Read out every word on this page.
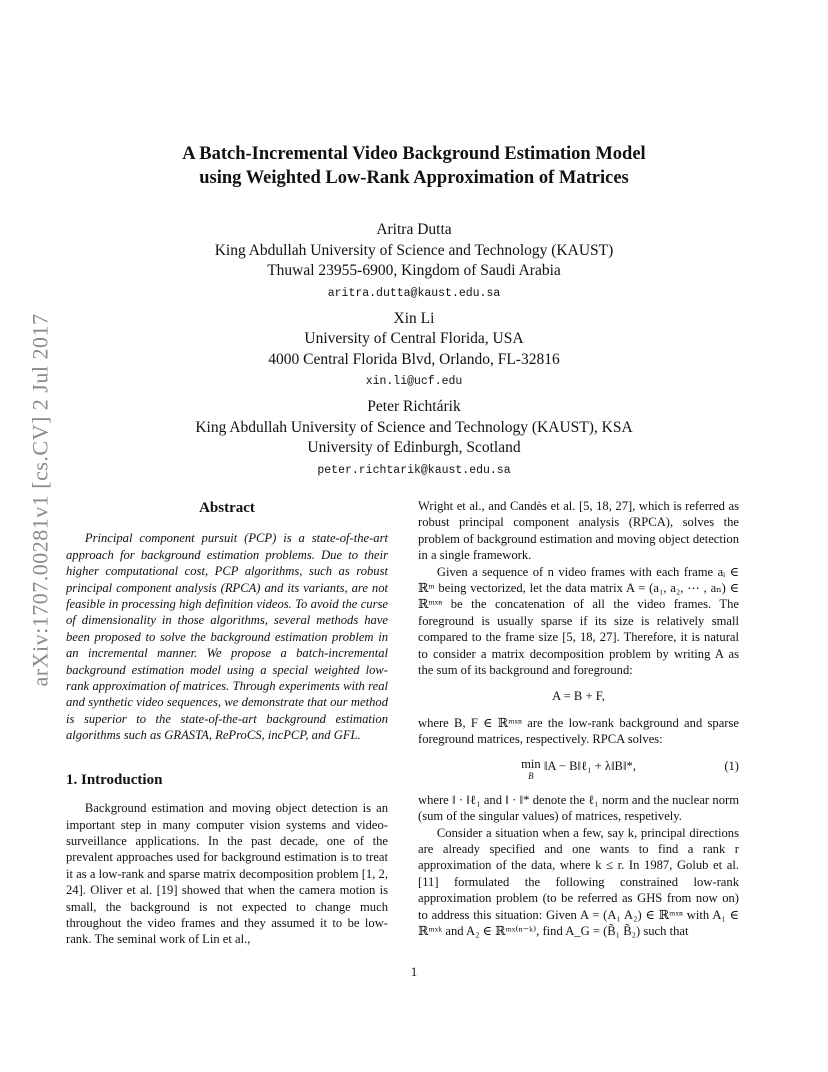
arXiv:1707.00281v1 [cs.CV] 2 Jul 2017
A Batch-Incremental Video Background Estimation Model
using Weighted Low-Rank Approximation of Matrices
Aritra Dutta
King Abdullah University of Science and Technology (KAUST)
Thuwal 23955-6900, Kingdom of Saudi Arabia
aritra.dutta@kaust.edu.sa
Xin Li
University of Central Florida, USA
4000 Central Florida Blvd, Orlando, FL-32816
xin.li@ucf.edu
Peter Richtárik
King Abdullah University of Science and Technology (KAUST), KSA
University of Edinburgh, Scotland
peter.richtarik@kaust.edu.sa
Abstract

Principal component pursuit (PCP) is a state-of-the-art approach for background estimation problems. Due to their higher computational cost, PCP algorithms, such as robust principal component analysis (RPCA) and its variants, are not feasible in processing high definition videos. To avoid the curse of dimensionality in those algorithms, several methods have been proposed to solve the background estimation problem in an incremental manner. We propose a batch-incremental background estimation model using a special weighted low-rank approximation of matrices. Through experiments with real and synthetic video sequences, we demonstrate that our method is superior to the state-of-the-art background estimation algorithms such as GRASTA, ReProCS, incPCP, and GFL.

1. Introduction

Background estimation and moving object detection is an important step in many computer vision systems and video-surveillance applications. In the past decade, one of the prevalent approaches used for background estimation is to treat it as a low-rank and sparse matrix decomposition problem [1, 2, 24]. Oliver et al. [19] showed that when the camera motion is small, the background is not expected to change much throughout the video frames and they assumed it to be low-rank. The seminal work of Lin et al.,

Wright et al., and Candès et al. [5, 18, 27], which is referred as robust principal component analysis (RPCA), solves the problem of background estimation and moving object detection in a single framework.

Given a sequence of n video frames with each frame aᵢ ∈ ℝᵐ being vectorized, let the data matrix A = (a₁, a₂, ⋯ , aₙ) ∈ ℝᵐˣⁿ be the concatenation of all the video frames. The foreground is usually sparse if its size is relatively small compared to the frame size [5, 18, 27]. Therefore, it is natural to consider a matrix decomposition problem by writing A as the sum of its background and foreground:

A = B + F,

where B, F ∈ ℝᵐˣⁿ are the low-rank background and sparse foreground matrices, respectively. RPCA solves:

min
B
‖A − B‖ℓ₁ + λ‖B‖*,	(1)

where ‖ · ‖ℓ₁ and ‖ · ‖* denote the ℓ₁ norm and the nuclear norm (sum of the singular values) of matrices, respetively.

Consider a situation when a few, say k, principal directions are already specified and one wants to find a rank r approximation of the data, where k ≤ r. In 1987, Golub et al. [11] formulated the following constrained low-rank approximation problem (to be referred as GHS from now on) to address this situation: Given A = (A₁ A₂) ∈ ℝᵐˣⁿ with A₁ ∈ ℝᵐˣᵏ and A₂ ∈ ℝᵐˣ⁽ⁿ⁻ᵏ⁾, find A_G = (B̃₁ B̃₂) such that

1
